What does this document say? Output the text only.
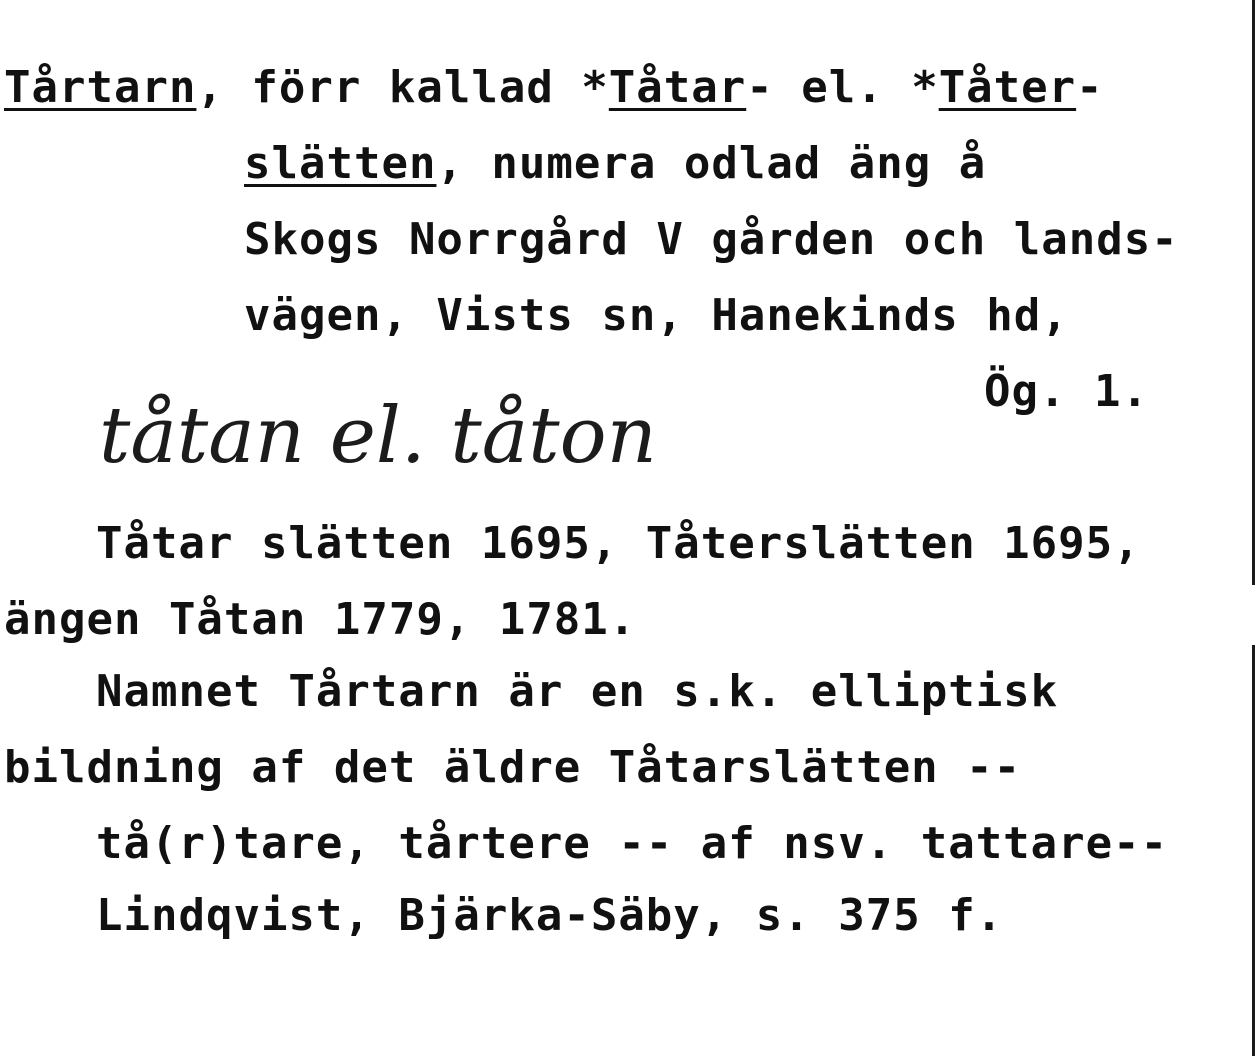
Tårtarn, förr kallad *Tåtar- el. *Tåter-
slätten, numera odlad äng å
Skogs Norrgård V gården och lands-
vägen, Vists sn, Hanekinds hd,
Ög. 1.
tåtan el. tåton
Tåtar slätten 1695, Tåterslätten 1695,
ängen Tåtan 1779, 1781.
Namnet Tårtarn är en s.k. elliptisk
bildning af det äldre Tåtarslätten --
tå(r)tare, tårtere -- af nsv. tattare--
Lindqvist, Bjärka-Säby, s. 375 f.
